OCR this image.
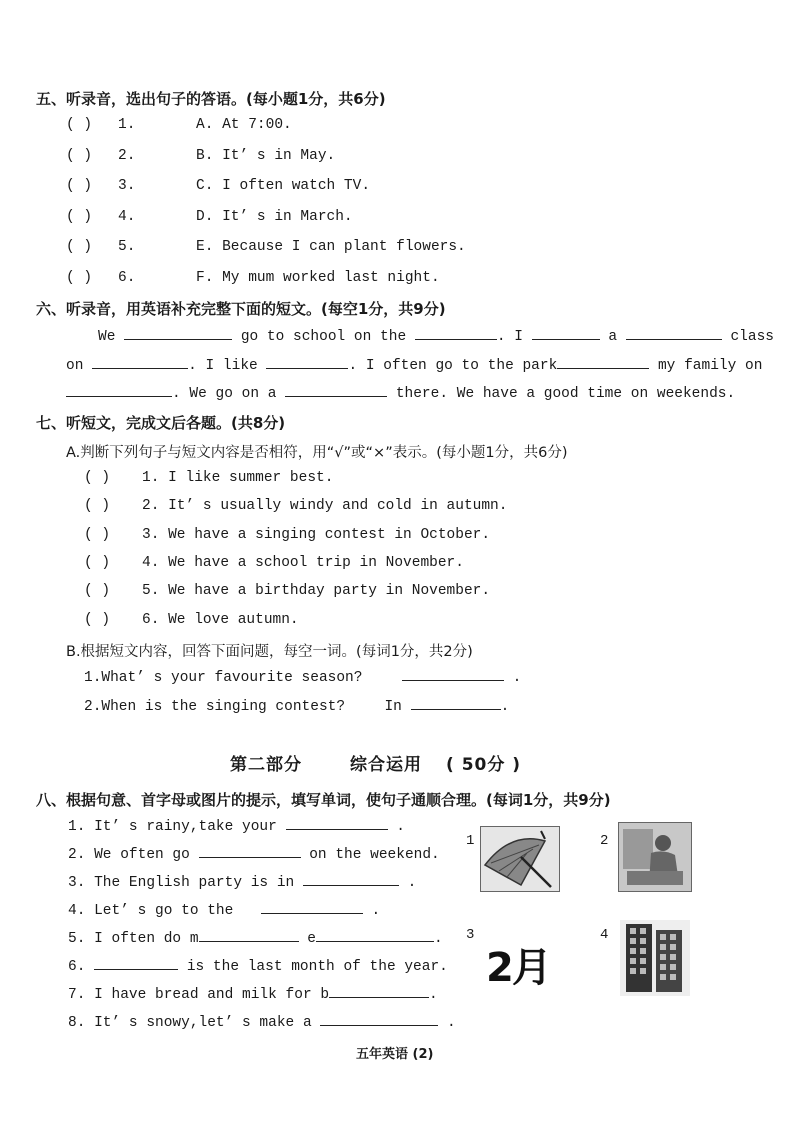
五、听录音，选出句子的答语。(每小题1分，共6分)
( ) 1.	A. At 7:00.
( ) 2.	B. It’ s in May.
( ) 3.	C. I often watch TV.
( ) 4.	D. It’ s in March.
( ) 5.	E. Because I can plant flowers.
( ) 6.	F. My mum worked last night.
六、听录音，用英语补充完整下面的短文。(每空1分，共9分)
We	go to school on the	. I	a	class
on	. I like	. I often go to the park	my family on
. We go on a	there. We have a good time on weekends.
七、听短文，完成文后各题。(共8分)
A.判断下列句子与短文内容是否相符，用“√”或“×”表示。(每小题1分，共6分)
( ) 1. I like summer best.
( ) 2. It’ s usually windy and cold in autumn.
( ) 3. We have a singing contest in October.
( ) 4. We have a school trip in November.
( ) 5. We have a birthday party in November.
( ) 6. We love autumn.
B.根据短文内容，回答下面问题，每空一词。(每词1分，共2分)
1.What’ s your favourite season?	.
2.When is the singing contest?	In	.
第二部分	综合运用 ( 50分 )
八、根据句意、首字母或图片的提示，填写单词，使句子通顺合理。(每词1分，共9分)
1. It’ s rainy,take your	.
2. We often go	on the weekend.
3. The English party is in	.
4. Let’ s go to the	.
5. I often do m	e	.
6.	is the last month of the year.
7. I have bread and milk for b	.
8. It’ s snowy,let’ s make a	.
1	2
3
2月
4
五年英语 (2)
